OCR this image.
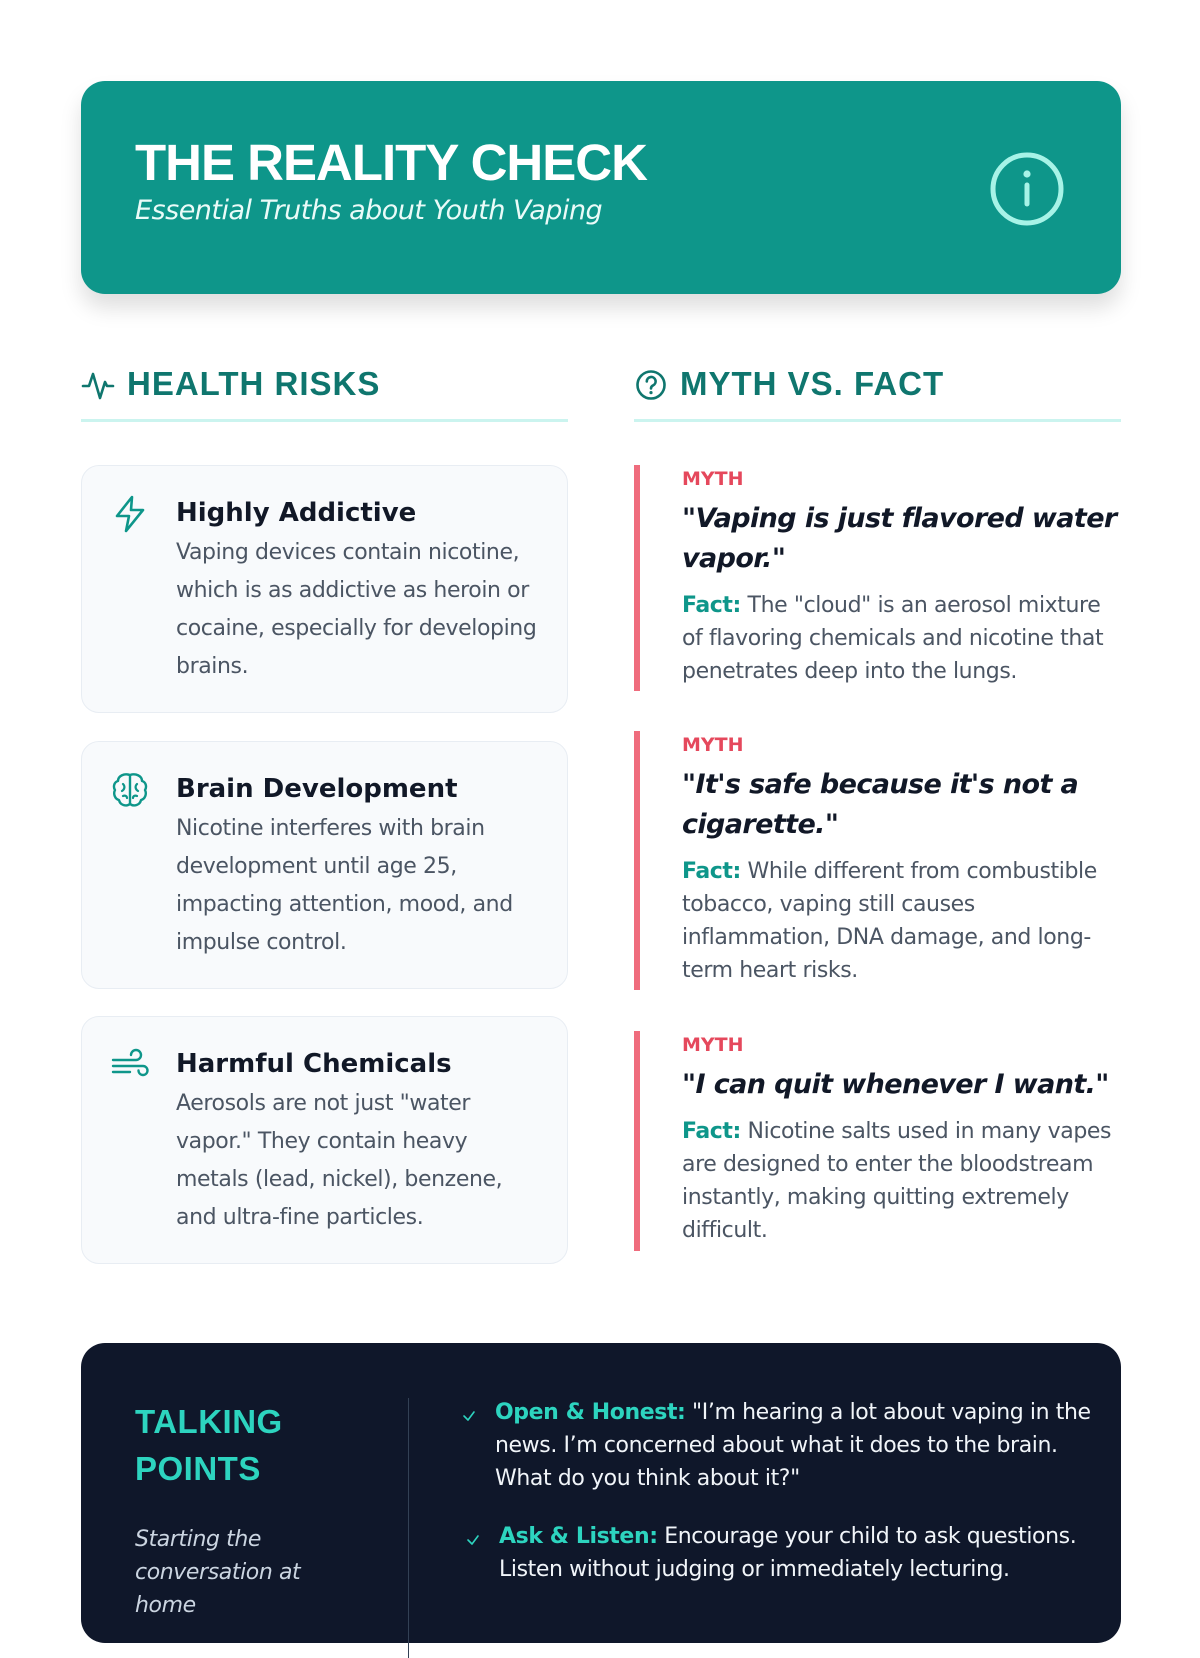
THE REALITY CHECK
Essential Truths about Youth Vaping
HEALTH RISKS	MYTH VS. FACT
Highly Addictive
Vaping devices contain nicotine, which is as addictive as heroin or cocaine, especially for developing brains.
Brain Development
Nicotine interferes with brain development until age 25, impacting attention, mood, and impulse control.
Harmful Chemicals
Aerosols are not just "water vapor." They contain heavy metals (lead, nickel), benzene, and ultra-fine particles.
MYTH
"Vaping is just flavored water vapor."
Fact: The "cloud" is an aerosol mixture of flavoring chemicals and nicotine that penetrates deep into the lungs.
MYTH
"It's safe because it's not a cigarette."
Fact: While different from combustible tobacco, vaping still causes inflammation, DNA damage, and long-term heart risks.
MYTH
"I can quit whenever I want."
Fact: Nicotine salts used in many vapes are designed to enter the bloodstream instantly, making quitting extremely difficult.
TALKING POINTS
Starting the conversation at home
Open & Honest: "I’m hearing a lot about vaping in the news. I’m concerned about what it does to the brain. What do you think about it?"
Ask & Listen: Encourage your child to ask questions. Listen without judging or immediately lecturing.
